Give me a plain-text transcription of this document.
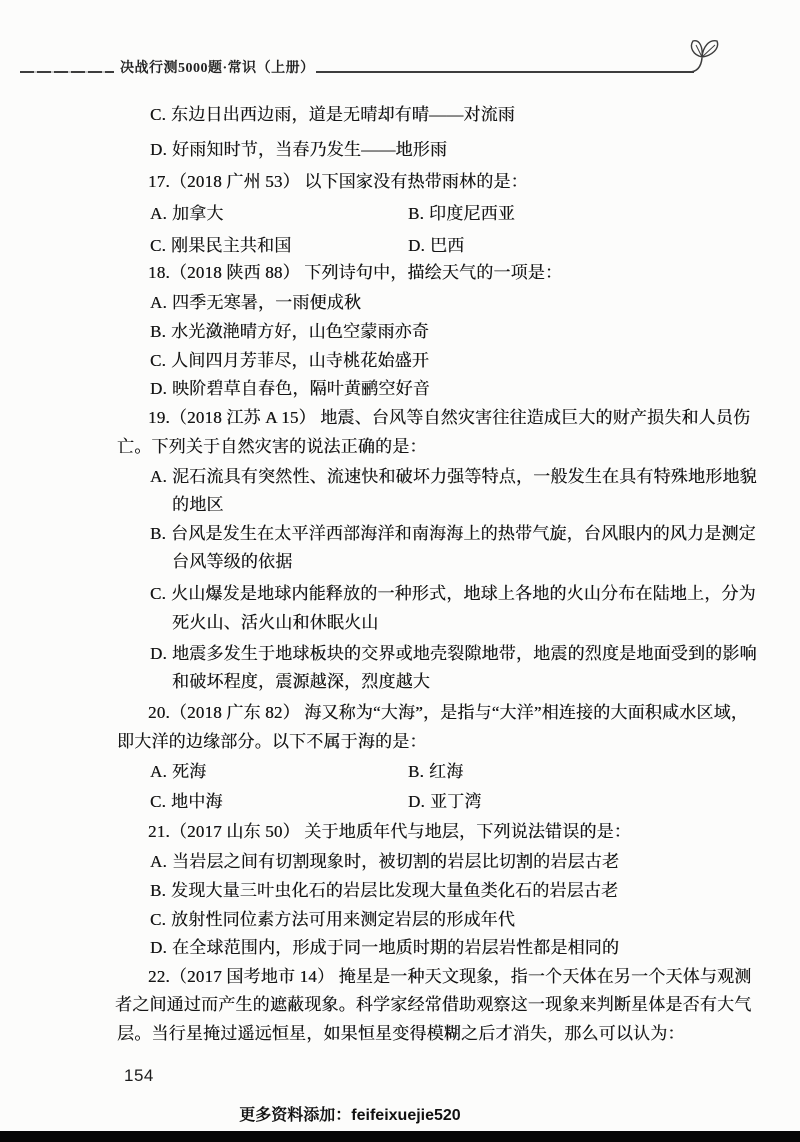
决战行测5000题·常识（上册）
C. 东边日出西边雨，道是无晴却有晴——对流雨
D. 好雨知时节，当春乃发生——地形雨
17.（2018 广州 53） 以下国家没有热带雨林的是：
A. 加拿大	B. 印度尼西亚
C. 刚果民主共和国	D. 巴西
18.（2018 陕西 88） 下列诗句中，描绘天气的一项是：
A. 四季无寒暑，一雨便成秋
B. 水光潋滟晴方好，山色空蒙雨亦奇
C. 人间四月芳菲尽，山寺桃花始盛开
D. 映阶碧草自春色，隔叶黄鹂空好音
19.（2018 江苏 A 15） 地震、台风等自然灾害往往造成巨大的财产损失和人员伤
亡。下列关于自然灾害的说法正确的是：
A. 泥石流具有突然性、流速快和破坏力强等特点，一般发生在具有特殊地形地貌
的地区
B. 台风是发生在太平洋西部海洋和南海海上的热带气旋，台风眼内的风力是测定
台风等级的依据
C. 火山爆发是地球内能释放的一种形式，地球上各地的火山分布在陆地上，分为
死火山、活火山和休眠火山
D. 地震多发生于地球板块的交界或地壳裂隙地带，地震的烈度是地面受到的影响
和破坏程度，震源越深，烈度越大
20.（2018 广东 82） 海又称为“大海”，是指与“大洋”相连接的大面积咸水区域，
即大洋的边缘部分。以下不属于海的是：
A. 死海	B. 红海
C. 地中海	D. 亚丁湾
21.（2017 山东 50） 关于地质年代与地层，下列说法错误的是：
A. 当岩层之间有切割现象时，被切割的岩层比切割的岩层古老
B. 发现大量三叶虫化石的岩层比发现大量鱼类化石的岩层古老
C. 放射性同位素方法可用来测定岩层的形成年代
D. 在全球范围内，形成于同一地质时期的岩层岩性都是相同的
22.（2017 国考地市 14） 掩星是一种天文现象，指一个天体在另一个天体与观测
者之间通过而产生的遮蔽现象。科学家经常借助观察这一现象来判断星体是否有大气
层。当行星掩过遥远恒星，如果恒星变得模糊之后才消失，那么可以认为：
154
更多资料添加：feifeixuejie520
